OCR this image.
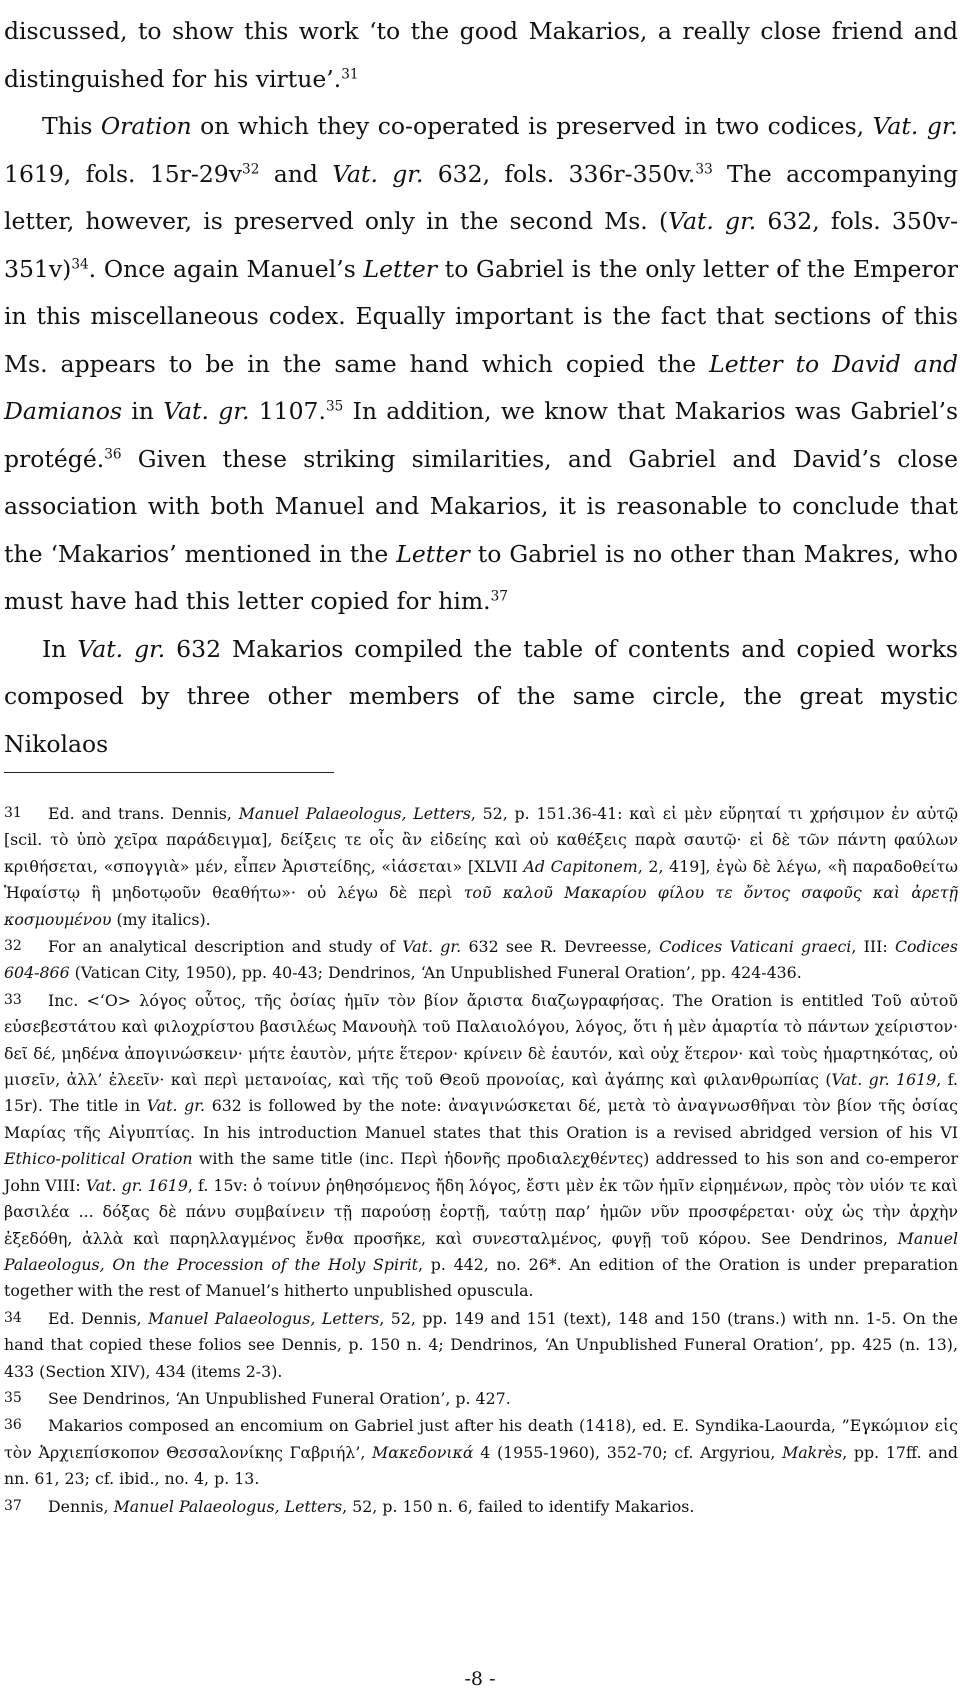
discussed, to show this work ‘to the good Makarios, a really close friend and distinguished for his virtue’.$^{31}$

This Oration on which they co-operated is preserved in two codices, Vat. gr. 1619, fols. $15r-29v^{32}$ and Vat. gr. 632, fols. 336r-350v.$^{33}$ The accompanying letter, however, is preserved only in the second Ms. (Vat. gr. 632, fols. 350v-351v)$^{34}$. Once again Manuel’s Letter to Gabriel is the only letter of the Emperor in this miscellaneous codex. Equally important is the fact that sections of this Ms. appears to be in the same hand which copied the Letter to David and Damianos in Vat. gr. 1107.35 In addition, we know that Makarios was Gabriel’s protégé.$^{36}$ Given these striking similarities, and Gabriel and David’s close association with both Manuel and Makarios, it is reasonable to conclude that the ‘Makarios’ mentioned in the Letter to Gabriel is no other than Makres, who must have had this letter copied for him.$^{37}$

In Vat. gr. 632 Makarios compiled the table of contents and copied works composed by three other members of the same circle, the great mystic Nikolaos

31 Ed. and trans. Dennis, Manuel Palaeologus, Letters, 52, p. 151.36-41: καὶ εἰ μὲν εὕρηταί τι χρήσιμον ἐν αὐτῷ [scil. τὸ ὑπὸ χεῖρα παράδειγμα], δείξεις τε οἷς ἂν εἰδείης καὶ οὐ καθέξεις παρὰ σαυτῷ· εἰ δὲ τῶν πάντη φαύλων κριθήσεται, «σπογγιὰ» μέν, εἶπεν Ἀριστείδης, «ἰάσεται» [XLVII Ad Capitonem, 2, 419], ἐγὼ δὲ λέγω, «ἢ παραδοθείτω Ἡφαίστῳ ἢ μηδοτῳοῦν θεαθήτω»· οὐ λέγω δὲ περὶ τοῦ καλοῦ Μακαρίου φίλου τε ὄντος σαφοῦς καὶ ἀρετῇ κοσμουμένου (my italics).

32 For an analytical description and study of Vat. gr. 632 see R. Devreesse, Codices Vaticani graeci, III: Codices 604-866 (Vatican City, 1950), pp. 40-43; Dendrinos, ‘An Unpublished Funeral Oration’, pp. 424-436.

33 Inc. <‘O> λόγος οὗτος, τῆς ὁσίας ἡμῖν τὸν βίον ἄριστα διαζωγραφήσας. The Oration is entitled Τοῦ αὐτοῦ εὐσεβεστάτου καὶ φιλοχρίστου βασιλέως Μανουὴλ τοῦ Παλαιολόγου, λόγος, ὅτι ἡ μὲν ἁμαρτία τὸ πάντων χείριστον· δεῖ δέ, μηδένα ἀπογινώσκειν· μήτε ἑαυτὸν, μήτε ἕτερον· κρίνειν δὲ ἑαυτόν, καὶ οὐχ ἕτερον· καὶ τοὺς ἡμαρτηκότας, οὐ μισεῖν, ἀλλ’ ἐλεεῖν· καὶ περὶ μετανοίας, καὶ τῆς τοῦ Θεοῦ προνοίας, καὶ ἀγάπης καὶ φιλανθρωπίας (Vat. gr. 1619, f. 15r). The title in Vat. gr. 632 is followed by the note: ἀναγινώσκεται δέ, μετὰ τὸ ἀναγνωσθῆναι τὸν βίον τῆς ὁσίας Μαρίας τῆς Αἰγυπτίας. In his introduction Manuel states that this Oration is a revised abridged version of his VI Ethico-political Oration with the same title (inc. Περὶ ἡδονῆς προδιαλεχθέντες) addressed to his son and co-emperor John VIII: Vat. gr. 1619, f. 15v: ὁ τοίνυν ῥηθησόμενος ἤδη λόγος, ἔστι μὲν ἐκ τῶν ἡμῖν εἰρημένων, πρὸς τὸν υἱόν τε καὶ βασιλέα ... δόξας δὲ πάνυ συμβαίνειν τῇ παρούσῃ ἑορτῇ, ταύτῃ παρ’ ἡμῶν νῦν προσφέρεται· οὐχ ὡς τὴν ἀρχὴν ἐξεδόθη, ἀλλὰ καὶ παρηλλαγμένος ἔνθα προσῆκε, καὶ συνεσταλμένος, φυγῇ τοῦ κόρου. See Dendrinos, Manuel Palaeologus, On the Procession of the Holy Spirit, p. 442, no. 26*. An edition of the Oration is under preparation together with the rest of Manuel’s hitherto unpublished opuscula.

34 Ed. Dennis, Manuel Palaeologus, Letters, 52, pp. 149 and 151 (text), 148 and 150 (trans.) with nn. 1-5. On the hand that copied these folios see Dennis, p. 150 n. 4; Dendrinos, ‘An Unpublished Funeral Oration’, pp. 425 (n. 13), 433 (Section XIV), 434 (items 2-3).

35 See Dendrinos, ‘An Unpublished Funeral Oration’, p. 427.

36 Makarios composed an encomium on Gabriel just after his death (1418), ed. E. Syndika-Laourda, ”Εγκώμιον εἰς τὸν Ἀρχιεπίσκοπον Θεσσαλονίκης Γαβριήλ’, Μακεδονικά 4 (1955-1960), 352-70; cf. Argyriou, Makrès, pp. 17ff. and nn. 61, 23; cf. ibid., no. 4, p. 13.

37 Dennis, Manuel Palaeologus, Letters, 52, p. 150 n. 6, failed to identify Makarios.

-8 -
